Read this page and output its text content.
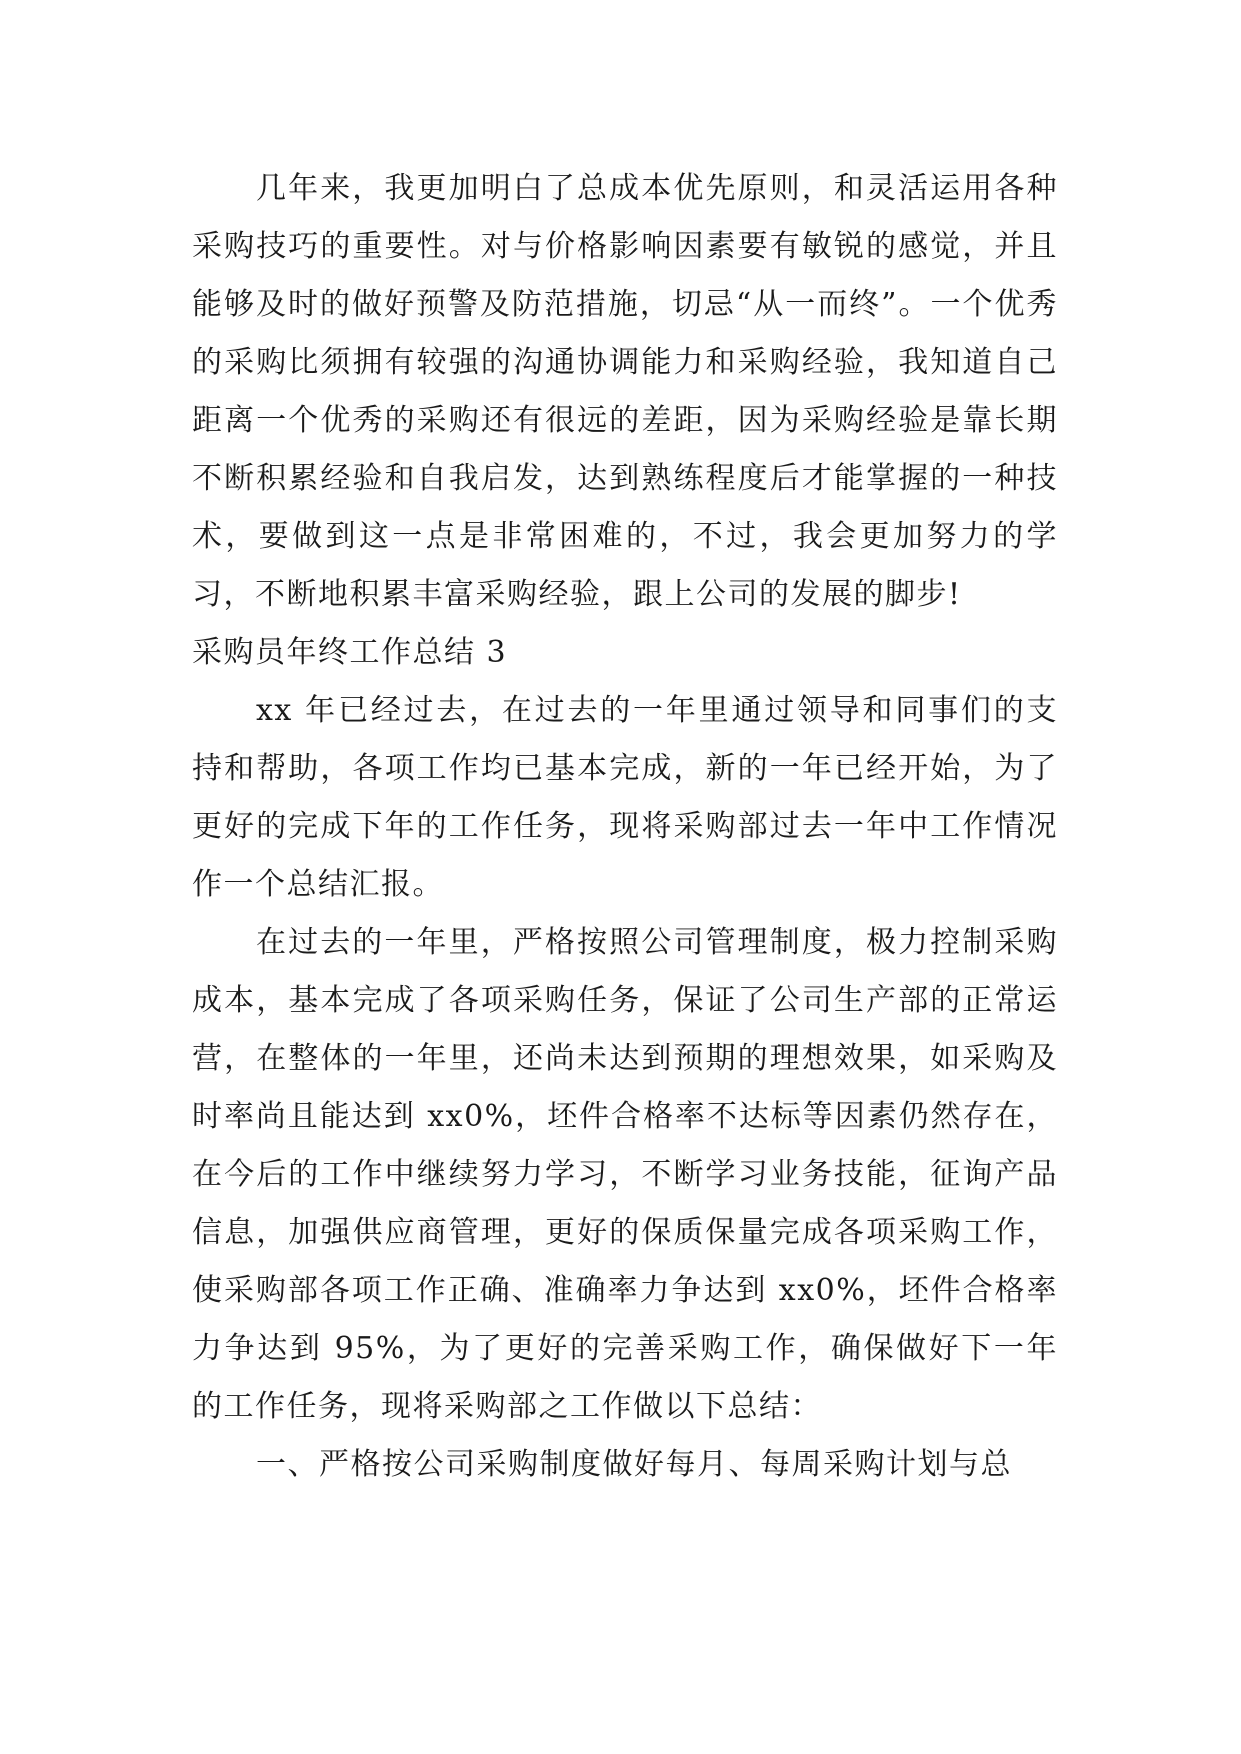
几年来，我更加明白了总成本优先原则，和灵活运用各种采购技巧的重要性。对与价格影响因素要有敏锐的感觉，并且能够及时的做好预警及防范措施，切忌“从一而终”。一个优秀的采购比须拥有较强的沟通协调能力和采购经验，我知道自己距离一个优秀的采购还有很远的差距，因为采购经验是靠长期不断积累经验和自我启发，达到熟练程度后才能掌握的一种技术，要做到这一点是非常困难的，不过，我会更加努力的学习，不断地积累丰富采购经验，跟上公司的发展的脚步!

采购员年终工作总结 3

xx 年已经过去，在过去的一年里通过领导和同事们的支持和帮助，各项工作均已基本完成，新的一年已经开始，为了更好的完成下年的工作任务，现将采购部过去一年中工作情况作一个总结汇报。

在过去的一年里，严格按照公司管理制度，极力控制采购成本，基本完成了各项采购任务，保证了公司生产部的正常运营，在整体的一年里，还尚未达到预期的理想效果，如采购及时率尚且能达到 xx0%，坯件合格率不达标等因素仍然存在，在今后的工作中继续努力学习，不断学习业务技能，征询产品信息，加强供应商管理，更好的保质保量完成各项采购工作，使采购部各项工作正确、准确率力争达到 xx0%，坯件合格率力争达到 95%，为了更好的完善采购工作，确保做好下一年的工作任务，现将采购部之工作做以下总结：

一、严格按公司采购制度做好每月、每周采购计划与总
